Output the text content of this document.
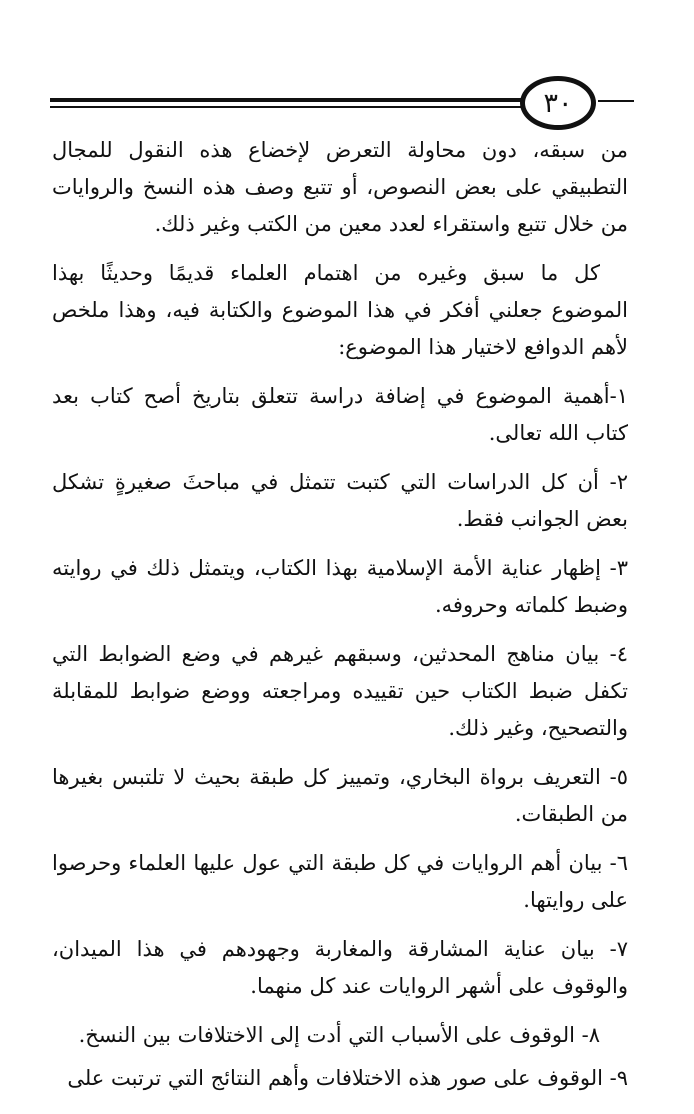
٣٠

من سبقه، دون محاولة التعرض لإخضاع هذه النقول للمجال التطبيقي على بعض النصوص، أو تتبع وصف هذه النسخ والروايات من خلال تتبع واستقراء لعدد معين من الكتب وغير ذلك.

كل ما سبق وغيره من اهتمام العلماء قديمًا وحديثًا بهذا الموضوع جعلني أفكر في هذا الموضوع والكتابة فيه، وهذا ملخص لأهم الدوافع لاختيار هذا الموضوع:

١-أهمية الموضوع في إضافة دراسة تتعلق بتاريخ أصح كتاب بعد كتاب الله تعالى.

٢- أن كل الدراسات التي كتبت تتمثل في مباحثَ صغيرةٍ تشكل بعض الجوانب فقط.

٣- إظهار عناية الأمة الإسلامية بهذا الكتاب، ويتمثل ذلك في روايته وضبط كلماته وحروفه.

٤- بيان مناهج المحدثين، وسبقهم غيرهم في وضع الضوابط التي تكفل ضبط الكتاب حين تقييده ومراجعته ووضع ضوابط للمقابلة والتصحيح، وغير ذلك.

٥- التعريف برواة البخاري، وتمييز كل طبقة بحيث لا تلتبس بغيرها من الطبقات.

٦- بيان أهم الروايات في كل طبقة التي عول عليها العلماء وحرصوا على روايتها.

٧- بيان عناية المشارقة والمغاربة وجهودهم في هذا الميدان، والوقوف على أشهر الروايات عند كل منهما.

٨- الوقوف على الأسباب التي أدت إلى الاختلافات بين النسخ.

٩- الوقوف على صور هذه الاختلافات وأهم النتائج التي ترتبت على
